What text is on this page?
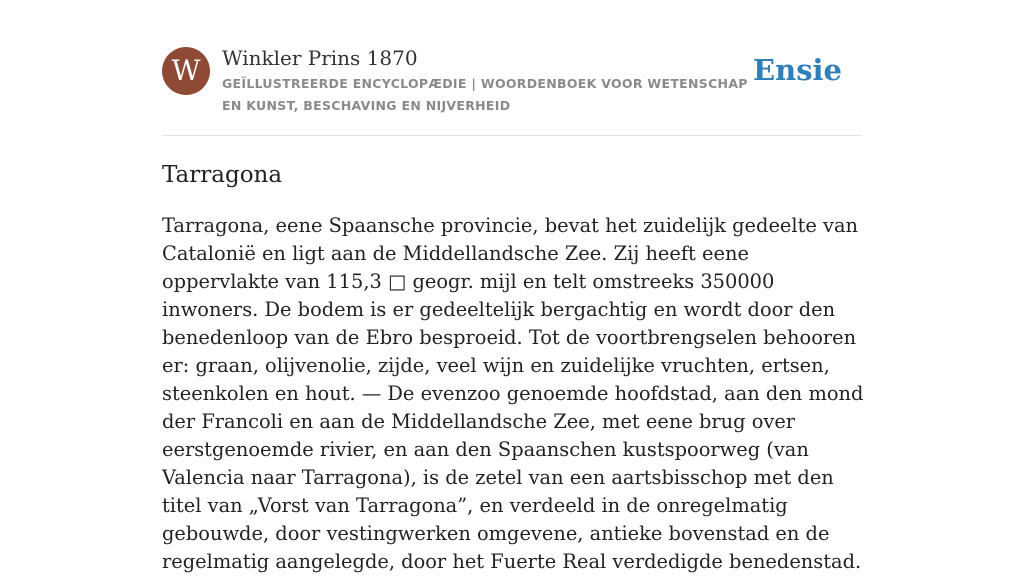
W	Winkler Prins 1870
GEÏLLUSTREERDE ENCYCLOPÆDIE | WOORDENBOEK VOOR WETENSCHAP EN KUNST, BESCHAVING EN NIJVERHEID
Ensie
Tarragona

Tarragona, eene Spaansche provincie, bevat het zuidelijk gedeelte van Catalonië en ligt aan de Middellandsche Zee. Zij heeft eene oppervlakte van 115,3 □ geogr. mijl en telt omstreeks 350000 inwoners. De bodem is er gedeeltelijk bergachtig en wordt door den benedenloop van de Ebro besproeid. Tot de voortbrengselen behooren er: graan, olijvenolie, zijde, veel wijn en zuidelijke vruchten, ertsen, steenkolen en hout. — De evenzoo genoemde hoofdstad, aan den mond der Francoli en aan de Middellandsche Zee, met eene brug over eerstgenoemde rivier, en aan den Spaanschen kustspoorweg (van Valencia naar Tarragona), is de zetel van een aartsbisschop met den titel van „Vorst van Tarragona”, en verdeeld in de onregelmatig gebouwde, door vestingwerken omgevene, antieke bovenstad en de regelmatig aangelegde, door het Fuerte Real verdedigde benedenstad.
